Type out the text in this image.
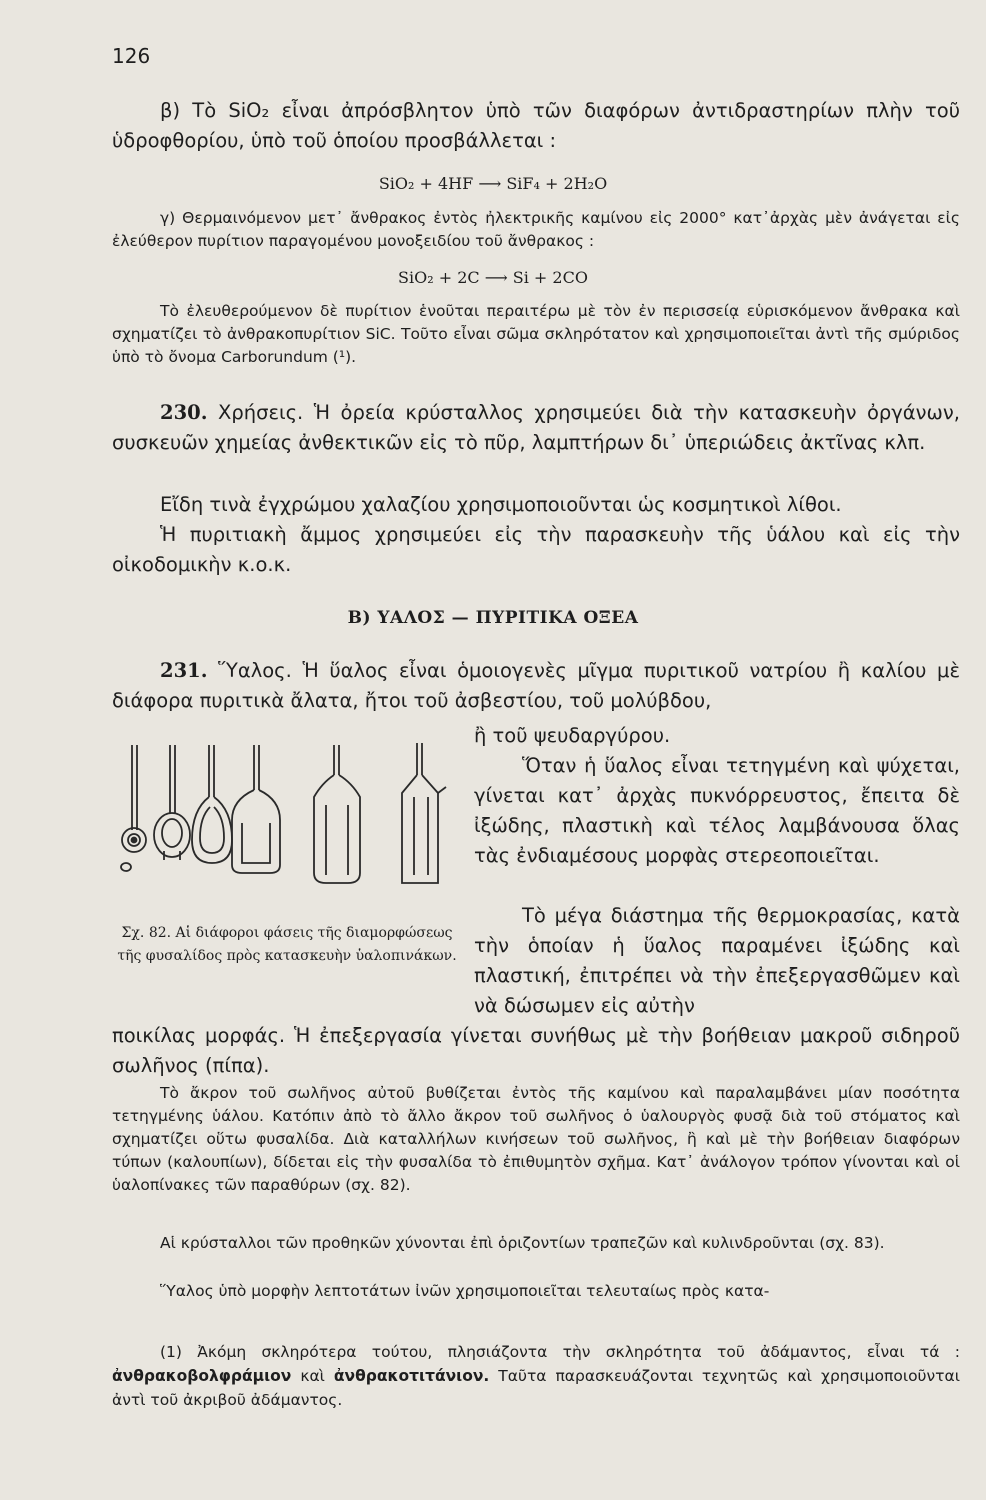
126

β) Τὸ SiO₂ εἶναι ἀπρόσβλητον ὑπὸ τῶν διαφόρων ἀντιδραστηρίων πλὴν τοῦ ὑδροφθορίου, ὑπὸ τοῦ ὁποίου προσβάλλεται :

SiO₂ + 4HF ⟶ SiF₄ + 2H₂O

γ) Θερμαινόμενον μετ᾽ ἄνθρακος ἐντὸς ἠλεκτρικῆς καμίνου εἰς 2000° κατ᾽ἀρχὰς μὲν ἀνάγεται εἰς ἐλεύθερον πυρίτιον παραγομένου μονοξειδίου τοῦ ἄνθρακος :

SiO₂ + 2C ⟶ Si + 2CO

Τὸ ἐλευθερούμενον δὲ πυρίτιον ἑνοῦται περαιτέρω μὲ τὸν ἐν περισσείᾳ εὑρισκόμενον ἄνθρακα καὶ σχηματίζει τὸ ἀνθρακοπυρίτιον SiC. Τοῦτο εἶναι σῶμα σκληρότατον καὶ χρησιμοποιεῖται ἀντὶ τῆς σμύριδος ὑπὸ τὸ ὄνομα Carborundum (¹).

230. Χρήσεις. Ἡ ὀρεία κρύσταλλος χρησιμεύει διὰ τὴν κατασκευὴν ὀργάνων, συσκευῶν χημείας ἀνθεκτικῶν εἰς τὸ πῦρ, λαμπτήρων δι᾽ ὑπεριώδεις ἀκτῖνας κλπ.

Εἴδη τινὰ ἐγχρώμου χαλαζίου χρησιμοποιοῦνται ὡς κοσμητικοὶ λίθοι.

Ἡ πυριτιακὴ ἄμμος χρησιμεύει εἰς τὴν παρασκευὴν τῆς ὑάλου καὶ εἰς τὴν οἰκοδομικὴν κ.ο.κ.

Β) ΥΑΛΟΣ — ΠΥΡΙΤΙΚΑ ΟΞΕΑ

231. Ὕαλος. Ἡ ὕαλος εἶναι ὁμοιογενὲς μῖγμα πυριτικοῦ νατρίου ἢ καλίου μὲ διάφορα πυριτικὰ ἄλατα, ἤτοι τοῦ ἀσβεστίου, τοῦ μολύβδου,

ἢ τοῦ ψευδαργύρου.

Ὅταν ἡ ὕαλος εἶναι τετηγμένη καὶ ψύχεται, γίνεται κατ᾽ ἀρχὰς πυκνόρρευστος, ἔπειτα δὲ ἰξώδης, πλαστικὴ καὶ τέλος λαμβάνουσα ὅλας τὰς ἐνδιαμέσους μορφὰς στερεοποιεῖται.

Τὸ μέγα διάστημα τῆς θερμοκρασίας, κατὰ τὴν ὁποίαν ἡ ὕαλος παραμένει ἰξώδης καὶ πλαστική, ἐπιτρέπει νὰ τὴν ἐπεξεργασθῶμεν καὶ νὰ δώσωμεν εἰς αὐτὴν

Σχ. 82. Αἱ διάφοροι φάσεις τῆς διαμορφώσεως τῆς φυσαλίδος πρὸς κατασκευὴν ὑαλοπινάκων.

ποικίλας μορφάς. Ἡ ἐπεξεργασία γίνεται συνήθως μὲ τὴν βοήθειαν μακροῦ σιδηροῦ σωλῆνος (πίπα).

Τὸ ἄκρον τοῦ σωλῆνος αὐτοῦ βυθίζεται ἐντὸς τῆς καμίνου καὶ παραλαμβάνει μίαν ποσότητα τετηγμένης ὑάλου. Κατόπιν ἀπὸ τὸ ἄλλο ἄκρον τοῦ σωλῆνος ὁ ὑαλουργὸς φυσᾷ διὰ τοῦ στόματος καὶ σχηματίζει οὕτω φυσαλίδα. Διὰ καταλλήλων κινήσεων τοῦ σωλῆνος, ἢ καὶ μὲ τὴν βοήθειαν διαφόρων τύπων (καλουπίων), δίδεται εἰς τὴν φυσαλίδα τὸ ἐπιθυμητὸν σχῆμα. Κατ᾽ ἀνάλογον τρόπον γίνονται καὶ οἱ ὑαλοπίνακες τῶν παραθύρων (σχ. 82).

Αἱ κρύσταλλοι τῶν προθηκῶν χύνονται ἐπὶ ὁριζοντίων τραπεζῶν καὶ κυλινδροῦνται (σχ. 83).

Ὕαλος ὑπὸ μορφὴν λεπτοτάτων ἰνῶν χρησιμοποιεῖται τελευταίως πρὸς κατα-

(1) Ἀκόμη σκληρότερα τούτου, πλησιάζοντα τὴν σκληρότητα τοῦ ἀδάμαντος, εἶναι τά : ἀνθρακοβολφράμιον καὶ ἀνθρακοτιτάνιον. Ταῦτα παρασκευάζονται τεχνητῶς καὶ χρησιμοποιοῦνται ἀντὶ τοῦ ἀκριβοῦ ἀδάμαντος.
